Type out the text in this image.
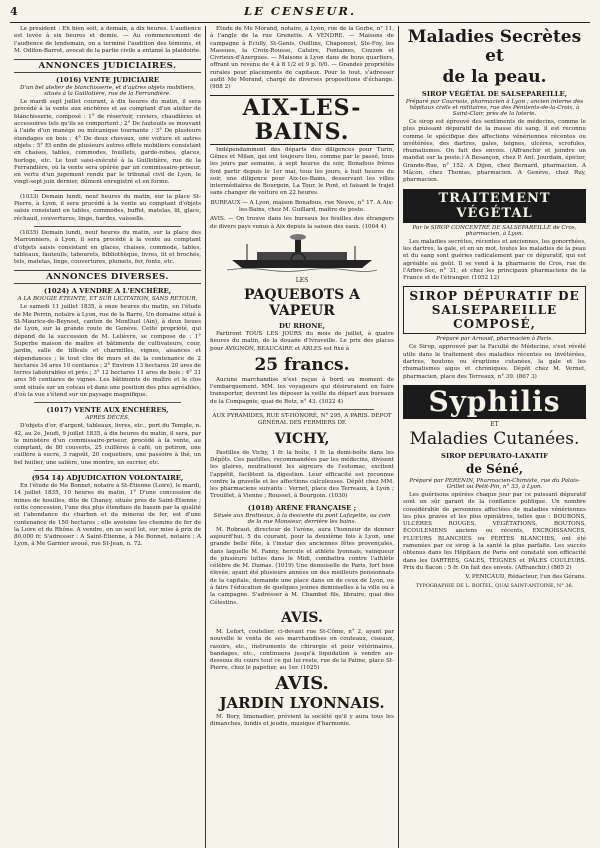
4	LE CENSEUR.

Le président : Eh bien soit, à demain, à dix heures. L'audience est levée à six heures et demie. — Au commencement de l'audience de lendemain, on a terminé l'audition des témoins, et M. Odilon-Barrot, avocat de la partie civile a entamé la plaidoirie.

ANNONCES JUDICIAIRES.
(1016) VENTE JUDICIAIRE
D'un bel atelier de blanchisserie, et d'autres objets mobiliers, situés à la Guillotière, rue de la Ferrandière.

Le mardi sept juillet courant, à dix heures du matin, il sera procédé à la vente aux enchères et au comptant d'un atelier de blanchisserie, composé : 1° de réservoir, cuviers, chaudières et accessoires tels qu'ils se comportent ; 2° De fauteuils se mouvant à l'aide d'un manège ou mécanique tournante ; 3° De plusieurs étendages en bois ; 4° De deux chevaux, une voiture et autres objets ; 5° Et enfin de plusieurs autres effets mobiliers consistant en chaises, tables, commodes, fouillets, garde-robes, glaces, horloge, etc. Le tout saisi-exécuté à la Guillotière, rue de la Ferrandière, où la vente sera opérée par un commissaire-priseur, en vertu d'un jugement rendu par le tribunal civil de Lyon, le vingt-sept juin dernier, dûment enregistré et en forme.

(1033) Demain lundi, neuf heures du matin, sur la place St-Pierre, à Lyon, il sera procédé à la vente au comptant d'objets saisis consistant en tables, commodes, buffet, matelas, lit, glace, réchaud, couvertures, linge, hardes, vaisselle.

(1035) Demain lundi, neuf heures du matin, sur la place des Marronniers, à Lyon, il sera procédé à la vente au comptant d'objets saisis consistant en glaces, chaises, commode, tables, tableaux, fauteuils, tabourets, bibliothèque, livres, lit et brochés, tels, matelas, linge, couvertures, plumets, fer, fonte, etc.

ANNONCES DIVERSES.
(1024) A VENDRE A L'ENCHÈRE,
A LA BOUGIE ÉTEINTE, ET SUR LICITATION, SANS RETOUR,

Le samedi 11 juillet 1835, à onze heures du matin, en l'étude de Me Perrin, notaire à Lyon, rue de la Barre, Un domaine situé à St-Maurice-de-Beynost, canton de Montluel (Ain), à deux lieues de Lyon, sur la grande route de Genève. Cette propriété, qui dépend de la succession de M. Lelièvre, se compose de : 1° Superbe maison de maître et bâtiments de cultivateurs, cour, jardin, salle de tilleuls et charmilles, vignes, aisances et dépendances ; le tout clos de murs et de la contenance de 2 hectares 34 ares 10 centiares ; 2° Environ 13 hectares 20 ares de terres labourables et prés ; 3° 12 hectares 11 ares de bois ; 4° 31 ares 56 centiares de vignes. Les bâtiments de maître et le clos sont situés sur un coteau et dans une position des plus agréables, d'où la vue s'étend sur un paysage magnifique.

(1017) VENTE AUX ENCHÈRES,
APRÈS DÉCÈS,

D'objets d'or, d'argent, tableaux, livres, etc., port du Temple, n. 42, au 2e. Jeudi, 9 juillet 1835, à dix heures du matin, il sera, par le ministère d'un commissaire-priseur, procédé à la vente, au comptant, de 80 couverts, 25 cuillères à café, un potiron, une cuillère à sucre, 3 ragoût, 20 coquetiers, une passoire à thé, un bel huilier, une salière, une montre, un sucrier, etc.

(954 14) ADJUDICATION VOLONTAIRE,

En l'étude de Me Bonnet, notaire à St-Étienne (Loire), le mardi, 14 juillet 1835, 10 heures du matin, 1° D'une concession de mines de houilles, dite de Chaney, située près de Saint-Étienne ; cette concession, l'une des plus étendues du bassin par la qualité et l'abondance du charbon et du minerai de fer, est d'une contenance de 150 hectares ; elle avoisine les chemins de fer de la Loire et du Rhône. A vendre, en un seul lot, sur mise à prix de 80,000 fr. S'adresser : A Saint-Étienne, à Me Bonnet, notaire ; A Lyon, à Me Garnier avoué, rue St-Jean, n. 72.

Étude de Me Morand, notaire, à Lyon, rue de la Gerbe, n° 11, à l'angle de la rue Grenette. A VENDRE. — Maisons de campagne à Ecully, St-Genis, Ouillins, Chaponost, Ste-Foy, les Massues, la Croix-Rousse, Caluire, Fontaines, Couzon et Civrieux-d'Azergues. — Maisons à Lyon dans de bons quartiers, offrant un revenu de 4 à 8 1/2 et 9 p. 0/0. — Grandes propriétés rurales pour placements de capitaux. Pour le tout, s'adresser audit Me Morand, chargé de diverses propositions d'échange. (988 2)

AIX-LES-BAINS.

Indépendamment des départs des diligences pour Turin, Gênes et Milan, qui ont toujours lieu, comme par le passé, tous les jours par semaine, à sept heures du soir, Bonafous frères font partir depuis le 1er mai, tous les jours, à huit heures du soir, une diligence pour Aix-les-Bains, desservant les villes intermédiaires de Bourgoin, La Tour, le Pont, et faisant le trajet sans changer de voiture en 22 heures.

BUREAUX — A Lyon, maison Bonafous, rue Neuve, n° 17. A Aix-les-Bains, chez M. Guillard, maître de poste.

AVIS. — On trouve dans les bureaux les feuilles des étrangers de divers pays venus à Aix depuis la saison des eaux. (1004 4)

LES
PAQUEBOTS A VAPEUR
DU RHONE,

Partiront TOUS LES JOURS du mois de juillet, à quatre heures du matin, de la douane d'Ivraveille. Le prix des places pour AVIGNON, BEAUCAIRE et ARLES est fixé à

25 francs.

Aucune marchandise n'est reçue à bord au moment de l'embarquement. MM. les voyageurs qui désireraient en faire transporter, devront les déposer la veille du départ aux bureaux de la Compagnie, quai de Retz, n° 43. (1022 4)

AUX PYRAMIDES, RUE ST-HONORÉ, N° 295, A PARIS. DÉPOT GÉNÉRAL DES FERMIERS DE

VICHY,

Pastilles de Vichy, 1 fr. la boîte, 1 fr. la demi-boîte dans les Dépôts. Ces pastilles, recommandées par les médecins, divisent les glaires, neutralisent les aigreurs de l'estomac, excitent l'appétit, facilitent la digestion. Leur efficacité est reconnue contre la gravelle et les affections calculeuses. Dépôt chez MM. les pharmaciens suivants : Vernet, place des Terreaux, à Lyon ; Trouillet, à Vienne ; Rousset, à Bourgoin. (1030)

(1018) ARÈNE FRANÇAISE ;
Située aux Brotteaux, à la descente du pont Lafayette, au coin de la rue Monsieur, derrière les bains.

M. Robraut, directeur de l'arène, aura l'honneur de donner aujourd'hui, 5 du courant, pour la deuxième fois à Lyon, une grande belle fête, à l'instar des anciennes fêtes provençales, dans laquelle M. Fanny, hercule et athlète lyonnais, vainqueur de plusieurs luttes dans le Midi, combattra contre l'athlète célèbre de M. Dumas. (1019) Une demoiselle de Paris, fort bien élevée, ayant été plusieurs années un des meilleurs pensionnats de la capitale, demande une place dans un de ceux de Lyon, ou à faire l'éducation de quelques jeunes demoiselles à la ville ou à la campagne. S'adresser à M. Chambet fils, libraire, quai des Célestins.

AVIS.

M. Lefort, coutelier, ci-devant rue St-Côme, n° 2, ayant par nouvelle le venta de ses marchandises en couteaux, ciseaux, rasoirs, etc., instruments de chirurgie et pour vétérinaires, bandages, etc., continuera jusqu'à liquidation à vendre au-dessous du cours tout ce qui lui reste, rue de la Palme, place St-Pierre, chez le papetier, au 1er. (1025)

AVIS.
JARDIN LYONNAIS.

M. Bory, limonadier, prévient la société qu'il y aura tous les dimanches, lundis et jeudis, musique d'harmonie.

Maladies Secrètes et
de la peau.
SIROP VÉGÉTAL DE SALSEPAREILLE,
Préparé par Cournois, pharmacien à Lyon ; ancien interne des hôpitaux civils et militaires, rue des Pénitents-de-la-Croix, à Saint-Clair, près de la loterie.

Ce sirop est éprouvé des sentiments de médecins, comme le plus puissant dépuratif de la masse du sang, il est reconnu comme le spécifique des affections vénériennes récentes ou invétérées, des dartres, gales, teignes, ulcères, scrofules, rhumatismes. On fait des envois. (Affranchir et joindre un mandat sur la poste.) A Besançon, chez P. Ant. Jourdain, épicier, Grande-Rue, n° 152. A Dijon, chez Bernard, pharmacien. A Mâcon, chez Thomas, pharmacien. A Genève, chez Ruy, pharmacien.

TRAITEMENT VÉGÉTAL
Par le SIROP CONCENTRÉ DE SALSEPAREILLE de Cros, pharmacien, à Lyon.

Les maladies secrètes, récentes et anciennes, les gonorrhées, les dartres, la gale, et en un mot, toutes les maladies de la peau et du sang sont guéries radicalement par ce dépuratif, qui est agréable au goût. Il se vend à la pharmacie de Cros, rue de l'Arbre-Sec, n° 31, et chez les principaux pharmaciens de la France et de l'étranger. (1052 12)

SIROP DÉPURATIF DE SALSEPAREILLE COMPOSÉ,
Préparé par Arnoud, pharmacien à Paris.

Ce Sirop, approuvé par la Faculté de Médecine, s'est révélé utile dans le traitement des maladies récentes ou invétérées, dartres, boutons ou éruptions cutanées, la gale et les rhumatismes aigus et chroniques. Dépôt chez M. Vernet, pharmacien, place des Terreaux, n° 39. (867 3)

Syphilis
ET
Maladies Cutanées.
SIROP DÉPURATO-LAXATIF
de Séné,
Préparé par PERENIN, Pharmacien-Chimiste, rue du Palais-Grillet ou Petit-Pin, n° 33, à Lyon.

Les guérisons opérées chaque jour par ce puissant dépuratif sont un sûr garant de la confiance publique. Un nombre considérable de personnes affectées de maladies vénériennes les plus graves et les plus opiniâtres, telles que : BOUBONS, ULCÈRES ROUGES, VÉGÉTATIONS, BOUTONS, ÉCOULEMENS anciens ou récents, EXCROISSANCES, FLUEURS BLANCHES ou PERTES BLANCHES, ont été ramenées par ce sirop à la santé la plus parfaite. Les succès obtenus dans les Hôpitaux de Paris ont constaté son efficacité dans les DARTRES, GALES, TEIGNES et PÂLES COULEURS. Prix du flacon : 5 fr. On fait des envois. (Affranchir.) (865 2)

V. PENICAUD, Rédacteur, l'un des Gérans.
TYPOGRAPHIE DE L. BOITEL, QUAI SAINT-ANTOINE, N° 36.
